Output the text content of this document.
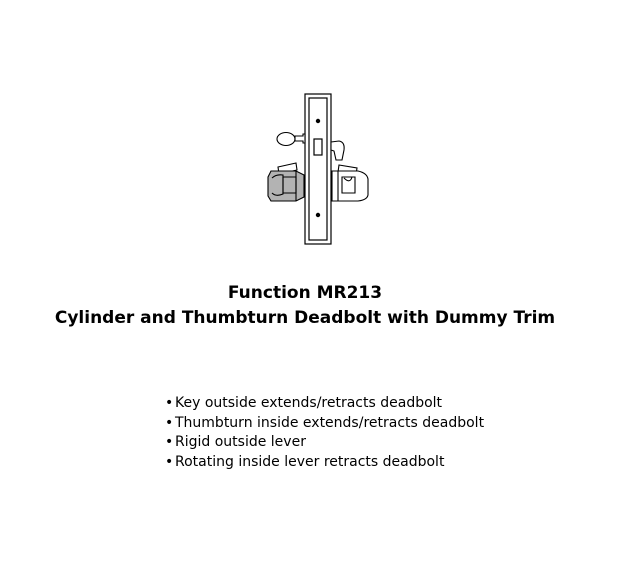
Function MR213
Cylinder and Thumbturn Deadbolt with Dummy Trim
• Key outside extends/retracts deadbolt
• Thumbturn inside extends/retracts deadbolt
• Rigid outside lever
• Rotating inside lever retracts deadbolt
